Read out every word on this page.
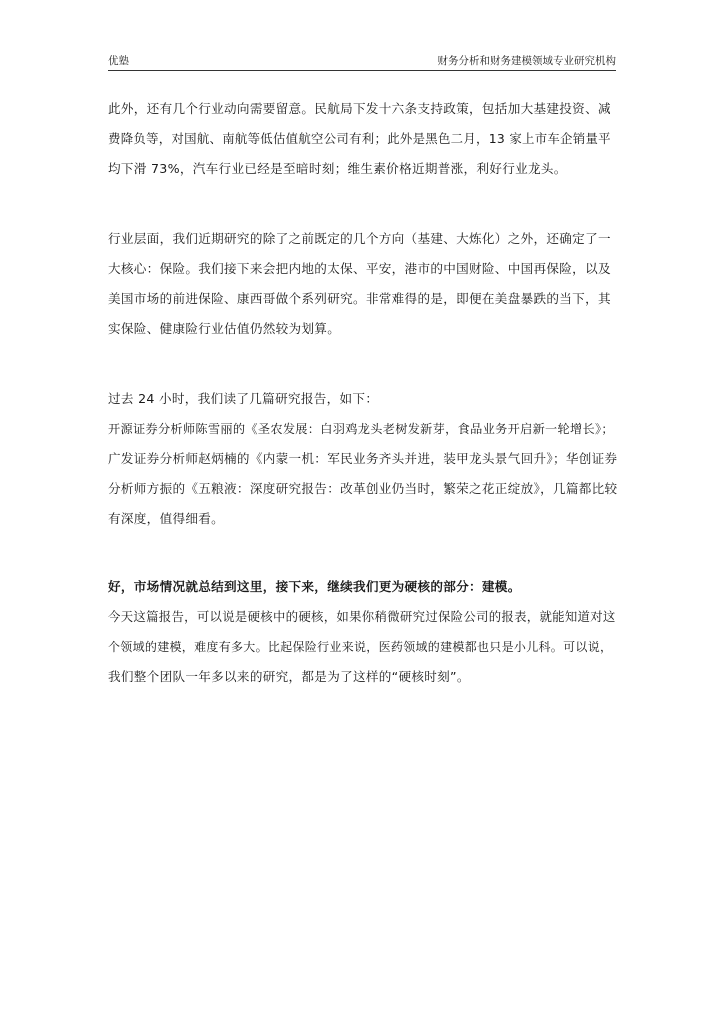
优塾	财务分析和财务建模领域专业研究机构
此外，还有几个行业动向需要留意。民航局下发十六条支持政策，包括加大基建投资、减
费降负等，对国航、南航等低估值航空公司有利；此外是黑色二月，13 家上市车企销量平
均下滑 73%，汽车行业已经是至暗时刻；维生素价格近期普涨，利好行业龙头。
行业层面，我们近期研究的除了之前既定的几个方向（基建、大炼化）之外，还确定了一
大核心：保险。我们接下来会把内地的太保、平安，港市的中国财险、中国再保险，以及
美国市场的前进保险、康西哥做个系列研究。非常难得的是，即便在美盘暴跌的当下，其
实保险、健康险行业估值仍然较为划算。
过去 24 小时，我们读了几篇研究报告，如下：
开源证券分析师陈雪丽的《圣农发展：白羽鸡龙头老树发新芽，食品业务开启新一轮增长》；
广发证券分析师赵炳楠的《内蒙一机：军民业务齐头并进，装甲龙头景气回升》；华创证券
分析师方振的《五粮液：深度研究报告：改革创业仍当时，繁荣之花正绽放》，几篇都比较
有深度，值得细看。
好，市场情况就总结到这里，接下来，继续我们更为硬核的部分：建模。
今天这篇报告，可以说是硬核中的硬核，如果你稍微研究过保险公司的报表，就能知道对这
个领域的建模，难度有多大。比起保险行业来说，医药领域的建模都也只是小儿科。可以说，
我们整个团队一年多以来的研究，都是为了这样的“硬核时刻”。
